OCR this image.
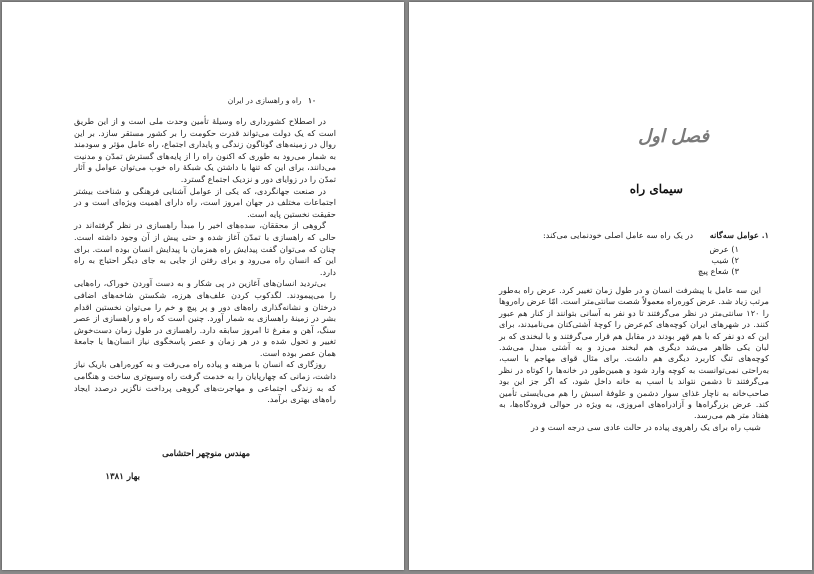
۱۰ راه و راهسازی در ایران

در اصطلاح کشورداری راه وسیلهٔ تأمین وحدت ملی است و از این طریق است که یک دولت می‌تواند قدرت حکومت را بر کشور مستقر سازد. بر این روال در زمینه‌های گوناگون زندگی و پایداری اجتماع، راه عامل مؤثر و سودمند به شمار می‌رود به طوری که اکنون راه را از پایه‌های گسترش تمدّن و مدنیت می‌دانند، برای این که تنها با داشتن یک شبکهٔ راه خوب می‌توان عوامل و آثار تمدّن را در زوایای دور و نزدیک اجتماع گسترد.

در صنعت جهانگردی، که یکی از عوامل آشنایی فرهنگی و شناخت بیشتر اجتماعات مختلف در جهان امروز است، راه دارای اهمیت ویژه‌ای است و در حقیقت نخستین پایه است.

گروهی از محققان، سده‌های اخیر را مبدأ راهسازی در نظر گرفته‌اند در حالی که راهسازی با تمدّن آغاز شده و حتی پیش از آن وجود داشته است. چنان که می‌توان گفت پیدایش راه همزمان با پیدایش انسان بوده است. برای این که انسان راه می‌رود و برای رفتن از جایی به جای دیگر احتیاج به راه دارد.

بی‌تردید انسان‌های آغازین در پی شکار و به دست آوردن خوراک، راه‌هایی را می‌پیمودند. لگدکوب کردن علف‌های هرزه، شکستن شاخه‌های اضافی درختان و نشانه‌گذاری راه‌های دور و پر پیچ و خم را می‌توان نخستین اقدام بشر در زمینهٔ راهسازی به شمار آورد. چنین است که راه و راهسازی از عصر سنگ، آهن و مفرغ تا امروز سابقه دارد. راهسازی در طول زمان دست‌خوش تغییر و تحول شده و در هر زمان و عصر پاسخگوی نیاز انسان‌ها یا جامعهٔ همان عصر بوده است.

روزگاری که انسان با مرهنه و پیاده راه می‌رفت و به کوره‌راهی باریک نیاز داشت، زمانی که چهارپایان را به خدمت گرفت راه وسیع‌تری ساخت و هنگامی که به زندگی اجتماعی و مهاجرت‌های گروهی پرداخت ناگزیر درصدد ایجاد راه‌های بهتری برآمد.

مهندس منوچهر احتشامی
بهار ۱۳۸۱
فصل اول
سیمای راه
۱. عوامل سه‌گانه در یک راه سه عامل اصلی خودنمایی می‌کند:
۱) عرض
۲) شیب
۳) شعاع پیچ

این سه عامل با پیشرفت انسان و در طول زمان تغییر کرد. عرض راه به‌طور مرتب زیاد شد. عرض کوره‌راه معمولاً شصت سانتی‌متر است. امّا عرض راه‌روها را ۱۲۰ سانتی‌متر در نظر می‌گرفتند تا دو نفر به آسانی بتوانند از کنار هم عبور کنند. در شهرهای ایران کوچه‌های کم‌عرض را کوچهٔ آشتی‌کنان می‌نامیدند، برای این که دو نفر که با هم قهر بودند در مقابل هم قرار می‌گرفتند و با لبخندی که بر لبان یکی ظاهر می‌شد دیگری هم لبخند می‌زد و به آشتی مبدل می‌شد. کوچه‌های تنگ کاربرد دیگری هم داشت. برای مثال قوای مهاجم با اسب، به‌راحتی نمی‌توانست به کوچه وارد شود و همین‌طور در خانه‌ها را کوتاه در نظر می‌گرفتند تا دشمن نتواند با اسب به خانه داخل شود، که اگر جز این بود صاحب‌خانه به ناچار غذای سوار دشمن و علوفهٔ اسبش را هم می‌بایستی تأمین کند. عرض بزرگراه‌ها و آزادراه‌های امروزی، به ویژه در حوالی فرودگاه‌ها، به هفتاد متر هم می‌رسد.

شیب راه برای یک راهروی پیاده در حالت عادی سی درجه است و در
